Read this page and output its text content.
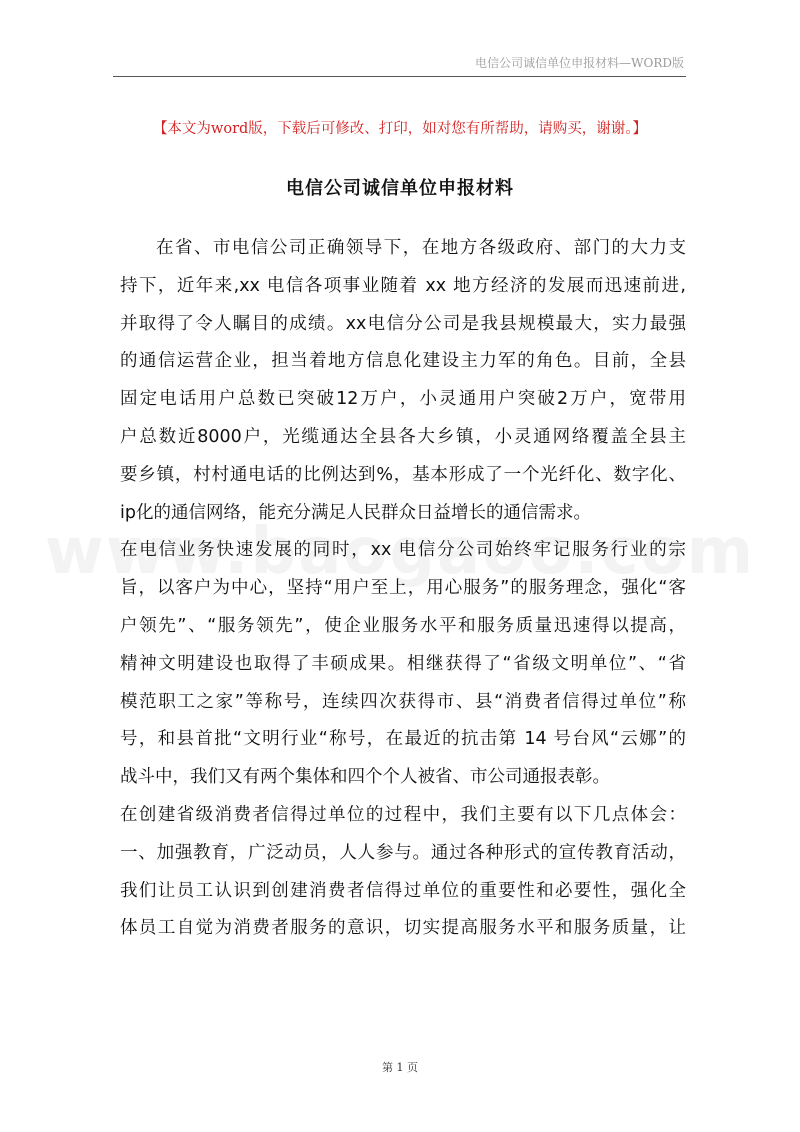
电信公司诚信单位申报材料—WORD版
【本文为word版，下载后可修改、打印，如对您有所帮助，请购买，谢谢。】
电信公司诚信单位申报材料
在省、市电信公司正确领导下，在地方各级政府、部门的大力支
持下，近年来,xx 电信各项事业随着 xx 地方经济的发展而迅速前进,
并取得了令人瞩目的成绩。xx电信分公司是我县规模最大，实力最强
的通信运营企业，担当着地方信息化建设主力军的角色。目前，全县
固定电话用户总数已突破12万户，小灵通用户突破2万户，宽带用
户总数近8000户，光缆通达全县各大乡镇，小灵通网络覆盖全县主
要乡镇，村村通电话的比例达到%，基本形成了一个光纤化、数字化、
ip化的通信网络，能充分满足人民群众日益增长的通信需求。
在电信业务快速发展的同时，xx 电信分公司始终牢记服务行业的宗
旨，以客户为中心，坚持“用户至上，用心服务”的服务理念，强化“客
户领先”、“服务领先”，使企业服务水平和服务质量迅速得以提高，
精神文明建设也取得了丰硕成果。相继获得了“省级文明单位”、“省
模范职工之家”等称号，连续四次获得市、县“消费者信得过单位”称
号，和县首批“文明行业“称号，在最近的抗击第 14 号台风“云娜”的
战斗中，我们又有两个集体和四个个人被省、市公司通报表彰。
在创建省级消费者信得过单位的过程中，我们主要有以下几点体会：
一、加强教育，广泛动员，人人参与。通过各种形式的宣传教育活动，
我们让员工认识到创建消费者信得过单位的重要性和必要性，强化全
体员工自觉为消费者服务的意识，切实提高服务水平和服务质量，让
第 1 页
